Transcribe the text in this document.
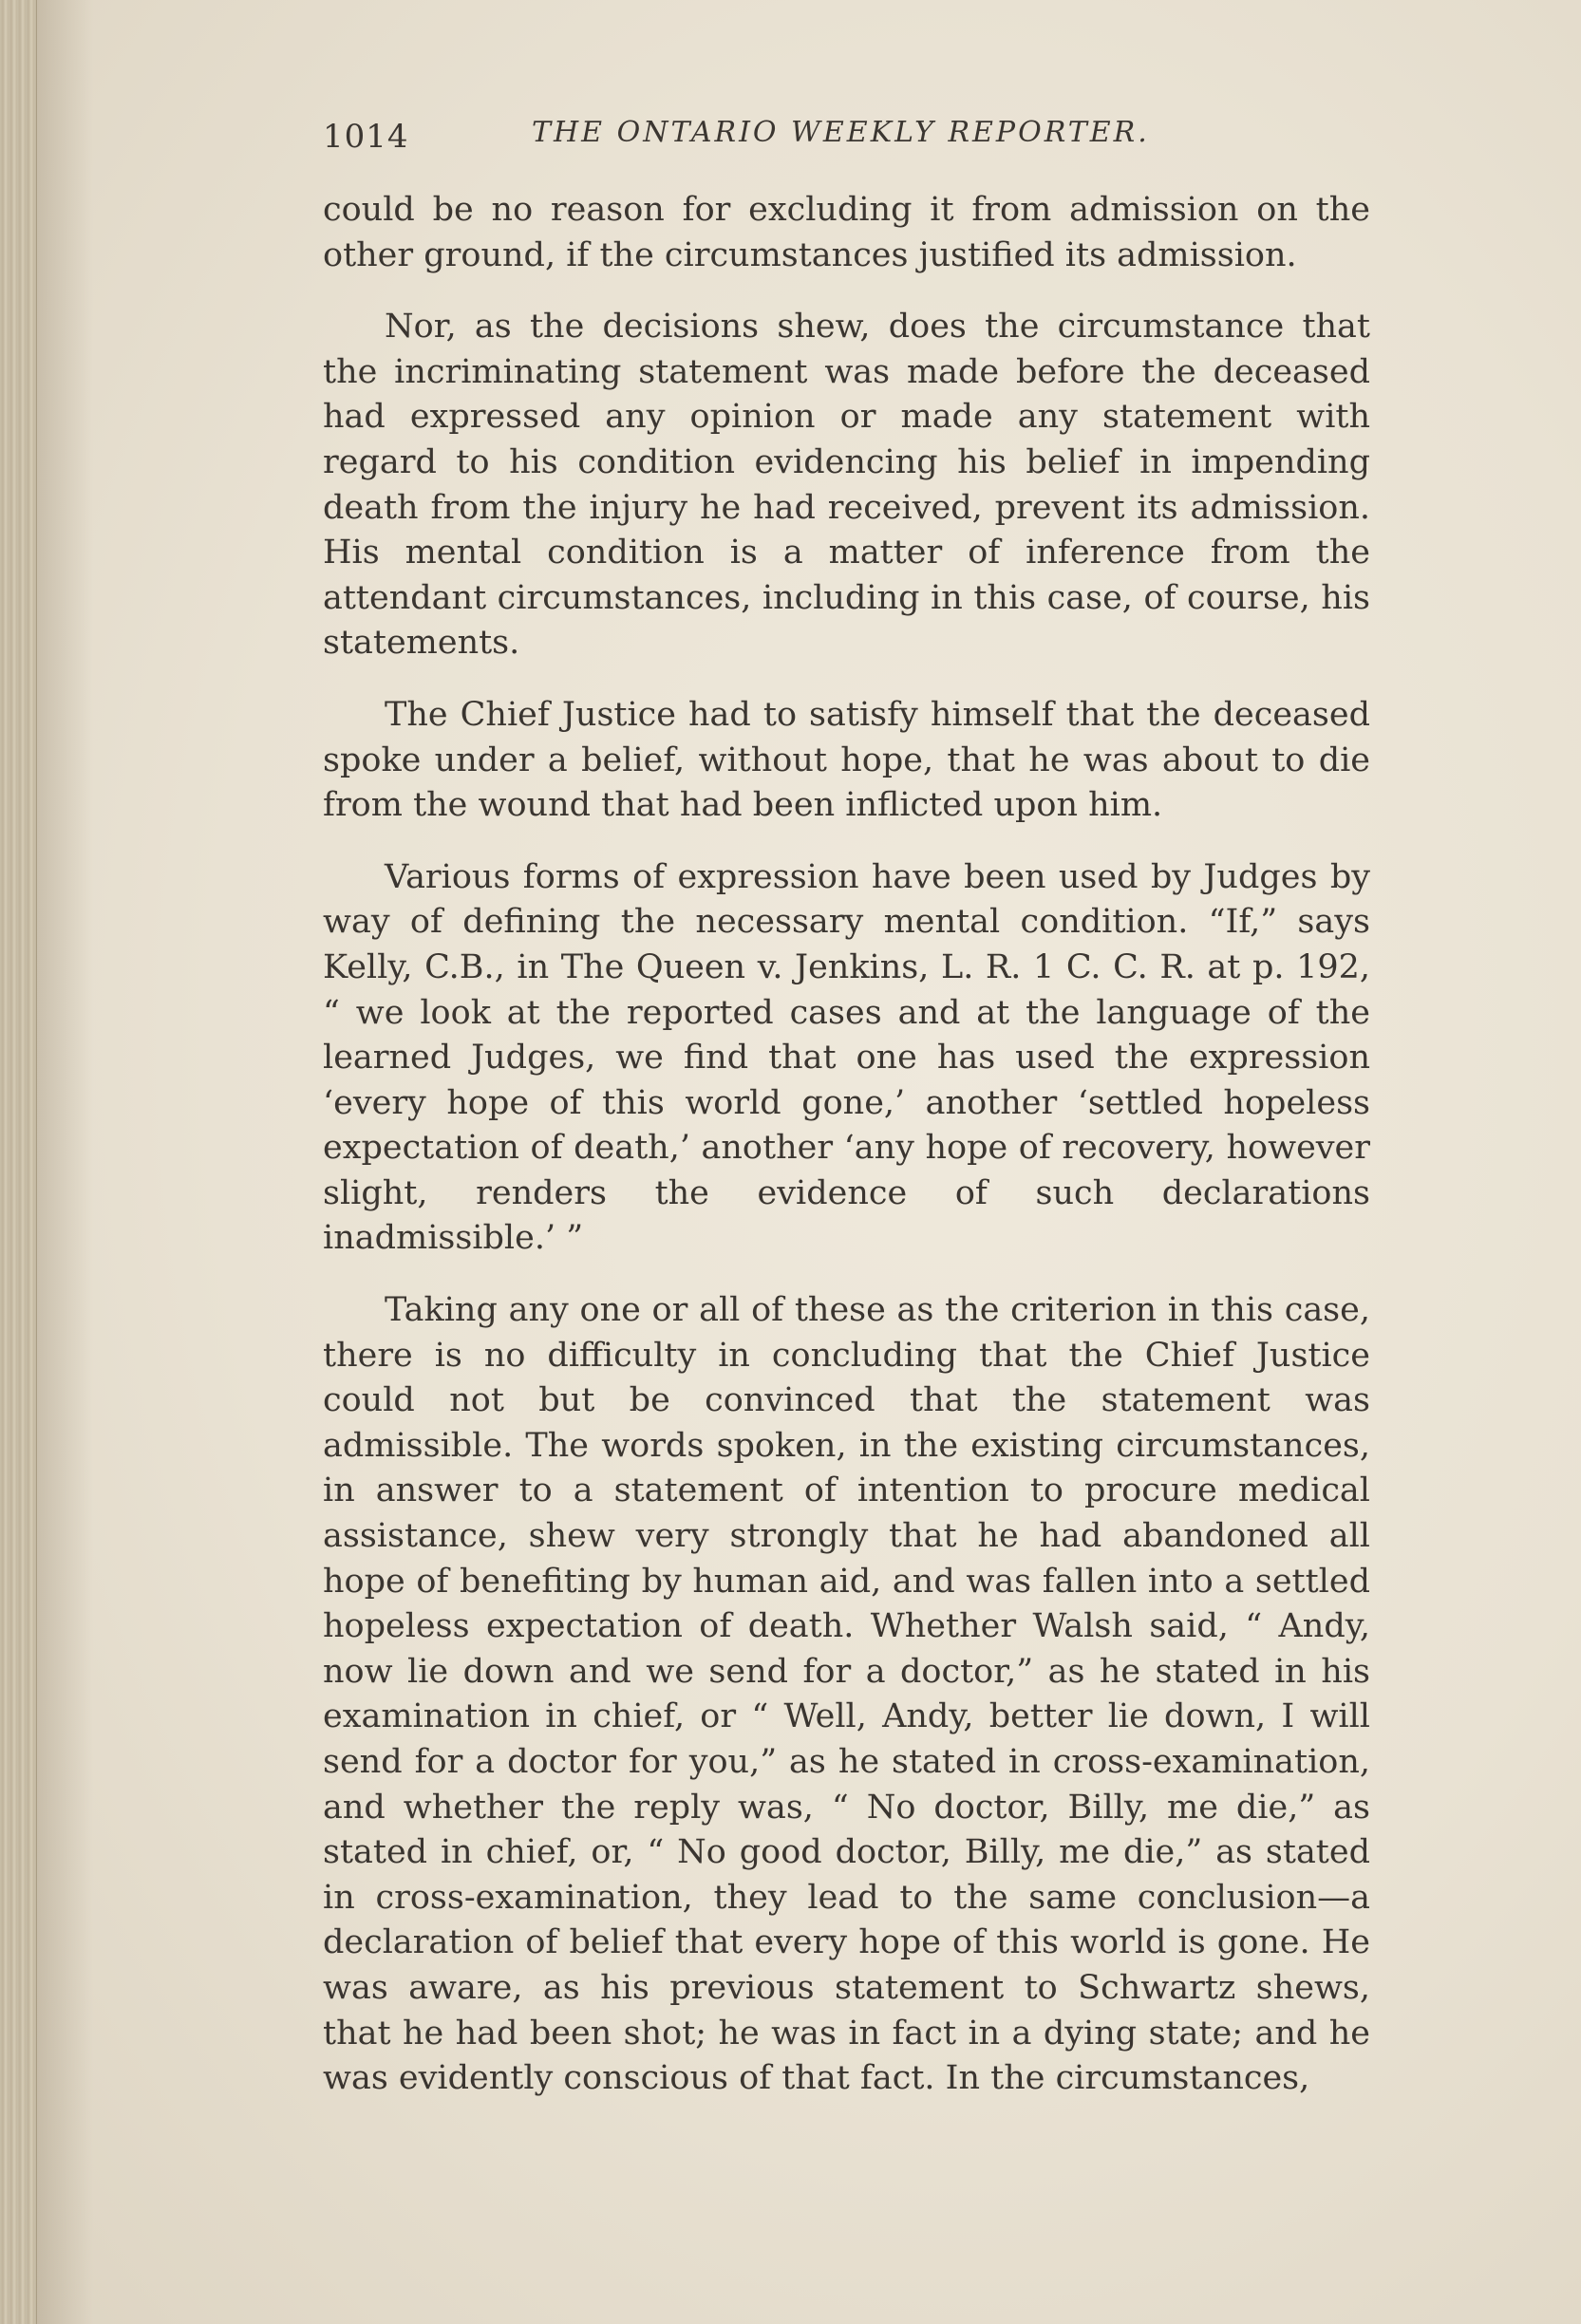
1014	THE ONTARIO WEEKLY REPORTER.

could be no reason for excluding it from admission on the other ground, if the circumstances justified its admission.

Nor, as the decisions shew, does the circumstance that the incriminating statement was made before the deceased had expressed any opinion or made any statement with regard to his condition evidencing his belief in impending death from the injury he had received, prevent its admission. His mental condition is a matter of inference from the attendant circumstances, including in this case, of course, his statements.

The Chief Justice had to satisfy himself that the deceased spoke under a belief, without hope, that he was about to die from the wound that had been inflicted upon him.

Various forms of expression have been used by Judges by way of defining the necessary mental condition. “If,” says Kelly, C.B., in The Queen v. Jenkins, L. R. 1 C. C. R. at p. 192, “ we look at the reported cases and at the language of the learned Judges, we find that one has used the expression ‘every hope of this world gone,’ another ‘settled hopeless expectation of death,’ another ‘any hope of recovery, however slight, renders the evidence of such declarations inadmissible.’ ”

Taking any one or all of these as the criterion in this case, there is no difficulty in concluding that the Chief Justice could not but be convinced that the statement was admissible. The words spoken, in the existing circumstances, in answer to a statement of intention to procure medical assistance, shew very strongly that he had abandoned all hope of benefiting by human aid, and was fallen into a settled hopeless expectation of death. Whether Walsh said, “ Andy, now lie down and we send for a doctor,” as he stated in his examination in chief, or “ Well, Andy, better lie down, I will send for a doctor for you,” as he stated in cross-examination, and whether the reply was, “ No doctor, Billy, me die,” as stated in chief, or, “ No good doctor, Billy, me die,” as stated in cross-examination, they lead to the same conclusion—a declaration of belief that every hope of this world is gone. He was aware, as his previous statement to Schwartz shews, that he had been shot; he was in fact in a dying state; and he was evidently conscious of that fact. In the circumstances,
